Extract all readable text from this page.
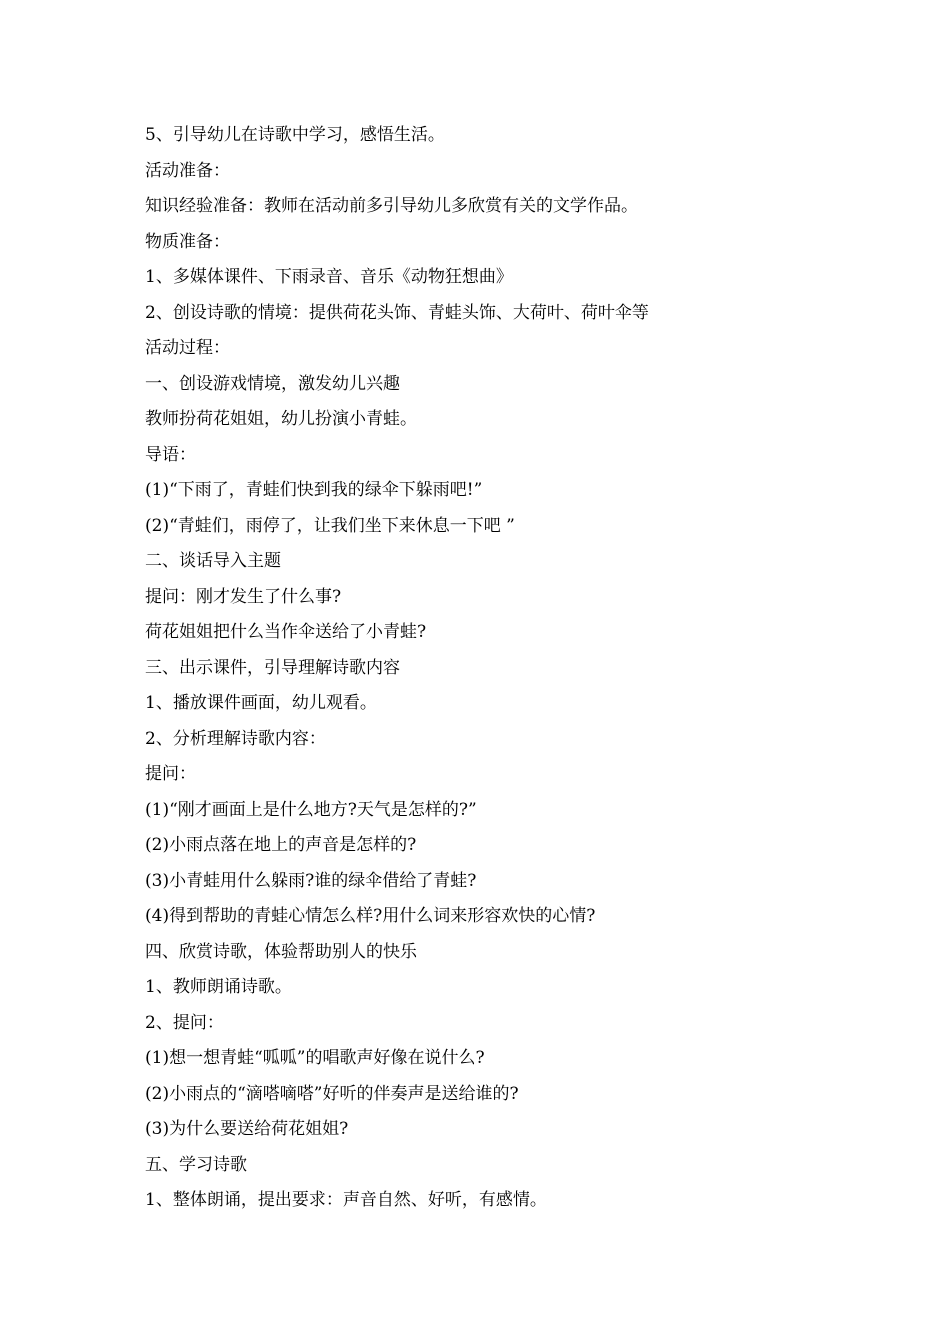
5、引导幼儿在诗歌中学习，感悟生活。
活动准备：
知识经验准备：教师在活动前多引导幼儿多欣赏有关的文学作品。
物质准备：
1、多媒体课件、下雨录音、音乐《动物狂想曲》
2、创设诗歌的情境：提供荷花头饰、青蛙头饰、大荷叶、荷叶伞等
活动过程：
一、创设游戏情境，激发幼儿兴趣
教师扮荷花姐姐，幼儿扮演小青蛙。
导语：
(1)“下雨了，青蛙们快到我的绿伞下躲雨吧!”
(2)“青蛙们，雨停了，让我们坐下来休息一下吧 ”
二、谈话导入主题
提问：刚才发生了什么事?
荷花姐姐把什么当作伞送给了小青蛙?
三、出示课件，引导理解诗歌内容
1、播放课件画面，幼儿观看。
2、分析理解诗歌内容：
提问：
(1)“刚才画面上是什么地方?天气是怎样的?”
(2)小雨点落在地上的声音是怎样的?
(3)小青蛙用什么躲雨?谁的绿伞借给了青蛙?
(4)得到帮助的青蛙心情怎么样?用什么词来形容欢快的心情?
四、欣赏诗歌，体验帮助别人的快乐
1、教师朗诵诗歌。
2、提问：
(1)想一想青蛙“呱呱”的唱歌声好像在说什么?
(2)小雨点的“滴嗒嘀嗒”好听的伴奏声是送给谁的?
(3)为什么要送给荷花姐姐?
五、学习诗歌
1、整体朗诵，提出要求：声音自然、好听，有感情。
